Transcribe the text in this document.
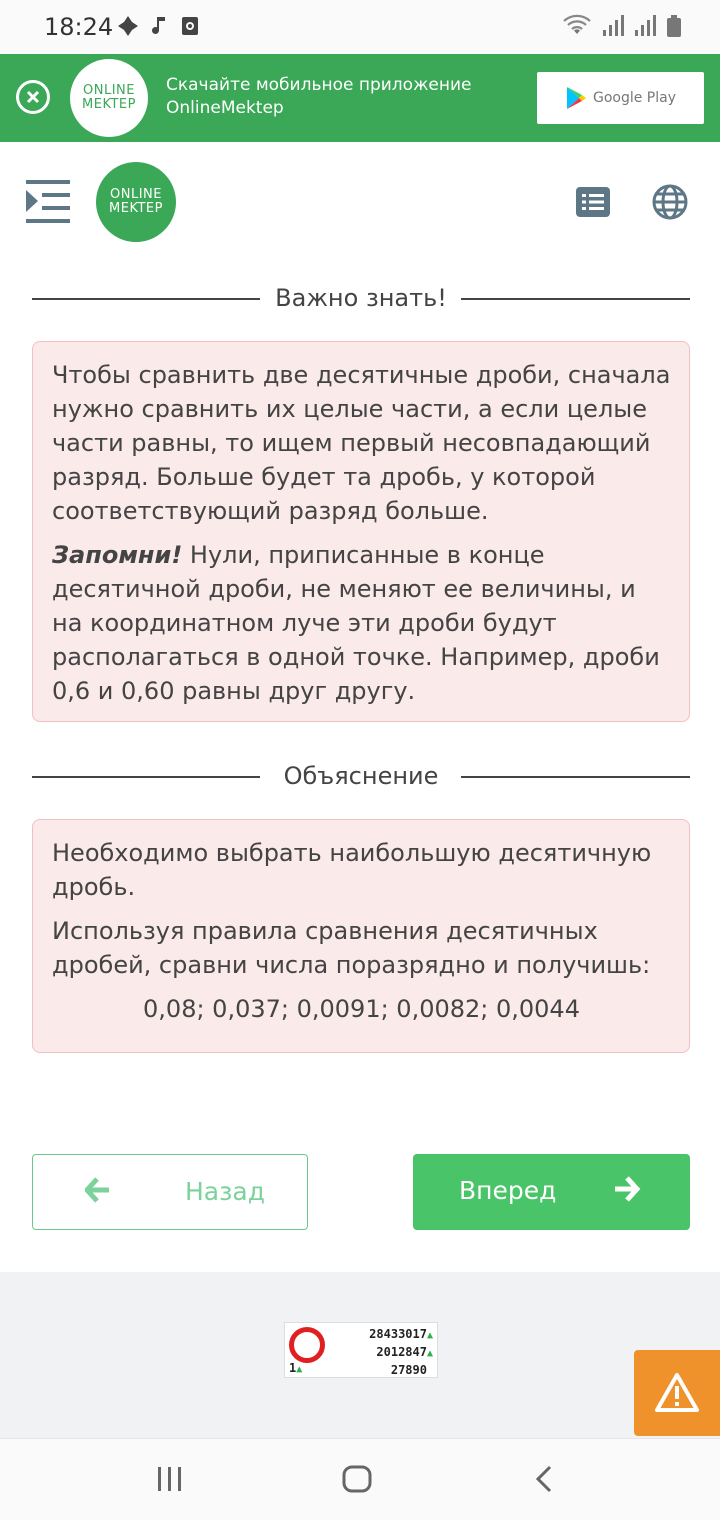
18:24
ONLINE
MEKTEP
Скачайте мобильное приложение OnlineMektep	Google Play
ONLINE
MEKTEP
Важно знать!

Чтобы сравнить две десятичные дроби, сначала нужно сравнить их целые части, а если целые части равны, то ищем первый несовпадающий разряд. Больше будет та дробь, у которой соответствующий разряд больше.

Запомни! Нули, приписанные в конце десятичной дроби, не меняют ее величины, и на координатном луче эти дроби будут располагаться в одной точке. Например, дроби 0,6 и 0,60 равны друг другу.

Объяснение

Необходимо выбрать наибольшую десятичную дробь.

Используя правила сравнения десятичных дробей, сравни числа поразрядно и получишь:

0,08; 0,037; 0,0091; 0,0082; 0,0044

Назад	Вперед
1▲
28433017▲
2012847▲
27890
